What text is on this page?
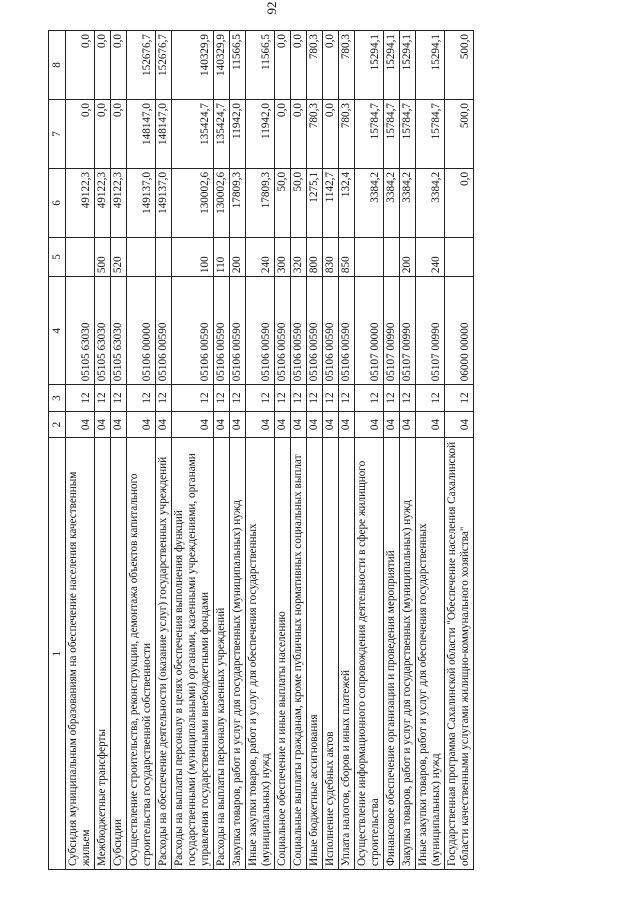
92
1	2	3	4	5	6	7	8
Субсидия муниципальным образованиям на обеспечение населения качественным жильем	04	12	05105 63030		49122,3	0,0	0,0
Межбюджетные трансферты	04	12	05105 63030	500	49122,3	0,0	0,0
Субсидии	04	12	05105 63030	520	49122,3	0,0	0,0
Осуществление строительства, реконструкции, демонтажа объектов капитального строительства государственной собственности	04	12	05106 00000		149137,0	148147,0	152676,7
Расходы на обеспечение деятельности (оказание услуг) государственных учреждений	04	12	05106 00590		149137,0	148147,0	152676,7
Расходы на выплаты персоналу в целях обеспечения выполнения функций государственными (муниципальными) органами, казенными учреждениями, органами управления государственными внебюджетными фондами	04	12	05106 00590	100	130002,6	135424,7	140329,9
Расходы на выплаты персоналу казенных учреждений	04	12	05106 00590	110	130002,6	135424,7	140329,9
Закупка товаров, работ и услуг для государственных (муниципальных) нужд	04	12	05106 00590	200	17809,3	11942,0	11566,5
Иные закупки товаров, работ и услуг для обеспечения государственных (муниципальных) нужд	04	12	05106 00590	240	17809,3	11942,0	11566,5
Социальное обеспечение и иные выплаты населению	04	12	05106 00590	300	50,0	0,0	0,0
Социальные выплаты гражданам, кроме публичных нормативных социальных выплат	04	12	05106 00590	320	50,0	0,0	0,0
Иные бюджетные ассигнования	04	12	05106 00590	800	1275,1	780,3	780,3
Исполнение судебных актов	04	12	05106 00590	830	1142,7	0,0	0,0
Уплата налогов, сборов и иных платежей	04	12	05106 00590	850	132,4	780,3	780,3
Осуществление информационного сопровождения деятельности в сфере жилищного строительства	04	12	05107 00000		3384,2	15784,7	15294,1
Финансовое обеспечение организации и проведения мероприятий	04	12	05107 00990		3384,2	15784,7	15294,1
Закупка товаров, работ и услуг для государственных (муниципальных) нужд	04	12	05107 00990	200	3384,2	15784,7	15294,1
Иные закупки товаров, работ и услуг для обеспечения государственных (муниципальных) нужд	04	12	05107 00990	240	3384,2	15784,7	15294,1
Государственная программа Сахалинской области "Обеспечение населения Сахалинской области качественными услугами жилищно-коммунального хозяйства"	04	12	06000 00000		0,0	500,0	500,0
